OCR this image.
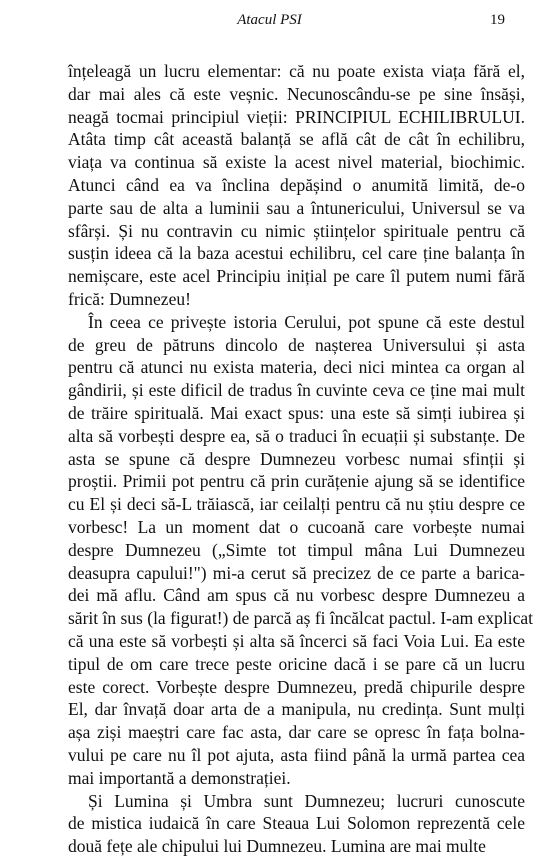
Atacul PSI	19
înțeleagă un lucru elementar: că nu poate exista viața fără el,
dar mai ales că este veșnic. Necunoscându-se pe sine însăși,
neagă tocmai principiul vieții: PRINCIPIUL ECHILIBRULUI.
Atâta timp cât această balanță se află cât de cât în echilibru,
viața va continua să existe la acest nivel material, biochimic.
Atunci când ea va înclina depășind o anumită limită, de-o
parte sau de alta a luminii sau a întunericului, Universul se va
sfârși. Și nu contravin cu nimic științelor spirituale pentru că
susțin ideea că la baza acestui echilibru, cel care ține balanța în
nemișcare, este acel Principiu inițial pe care îl putem numi fără
frică: Dumnezeu!
În ceea ce privește istoria Cerului, pot spune că este destul
de greu de pătruns dincolo de nașterea Universului și asta
pentru că atunci nu exista materia, deci nici mintea ca organ al
gândirii, și este dificil de tradus în cuvinte ceva ce ține mai mult
de trăire spirituală. Mai exact spus: una este să simți iubirea și
alta să vorbești despre ea, să o traduci în ecuații și substanțe. De
asta se spune că despre Dumnezeu vorbesc numai sfinții și
proștii. Primii pot pentru că prin curățenie ajung să se identifice
cu El și deci să-L trăiască, iar ceilalți pentru că nu știu despre ce
vorbesc! La un moment dat o cucoană care vorbește numai
despre Dumnezeu („Simte tot timpul mâna Lui Dumnezeu
deasupra capului!") mi-a cerut să precizez de ce parte a barica-
dei mă aflu. Când am spus că nu vorbesc despre Dumnezeu a
sărit în sus (la figurat!) de parcă aș fi încălcat pactul. I-am explicat
că una este să vorbești și alta să încerci să faci Voia Lui. Ea este
tipul de om care trece peste oricine dacă i se pare că un lucru
este corect. Vorbește despre Dumnezeu, predă chipurile despre
El, dar învață doar arta de a manipula, nu credința. Sunt mulți
așa ziși maeștri care fac asta, dar care se opresc în fața bolna-
vului pe care nu îl pot ajuta, asta fiind până la urmă partea cea
mai importantă a demonstrației.
Și Lumina și Umbra sunt Dumnezeu; lucruri cunoscute
de mistica iudaică în care Steaua Lui Solomon reprezentă cele
două fețe ale chipului lui Dumnezeu. Lumina are mai multe
